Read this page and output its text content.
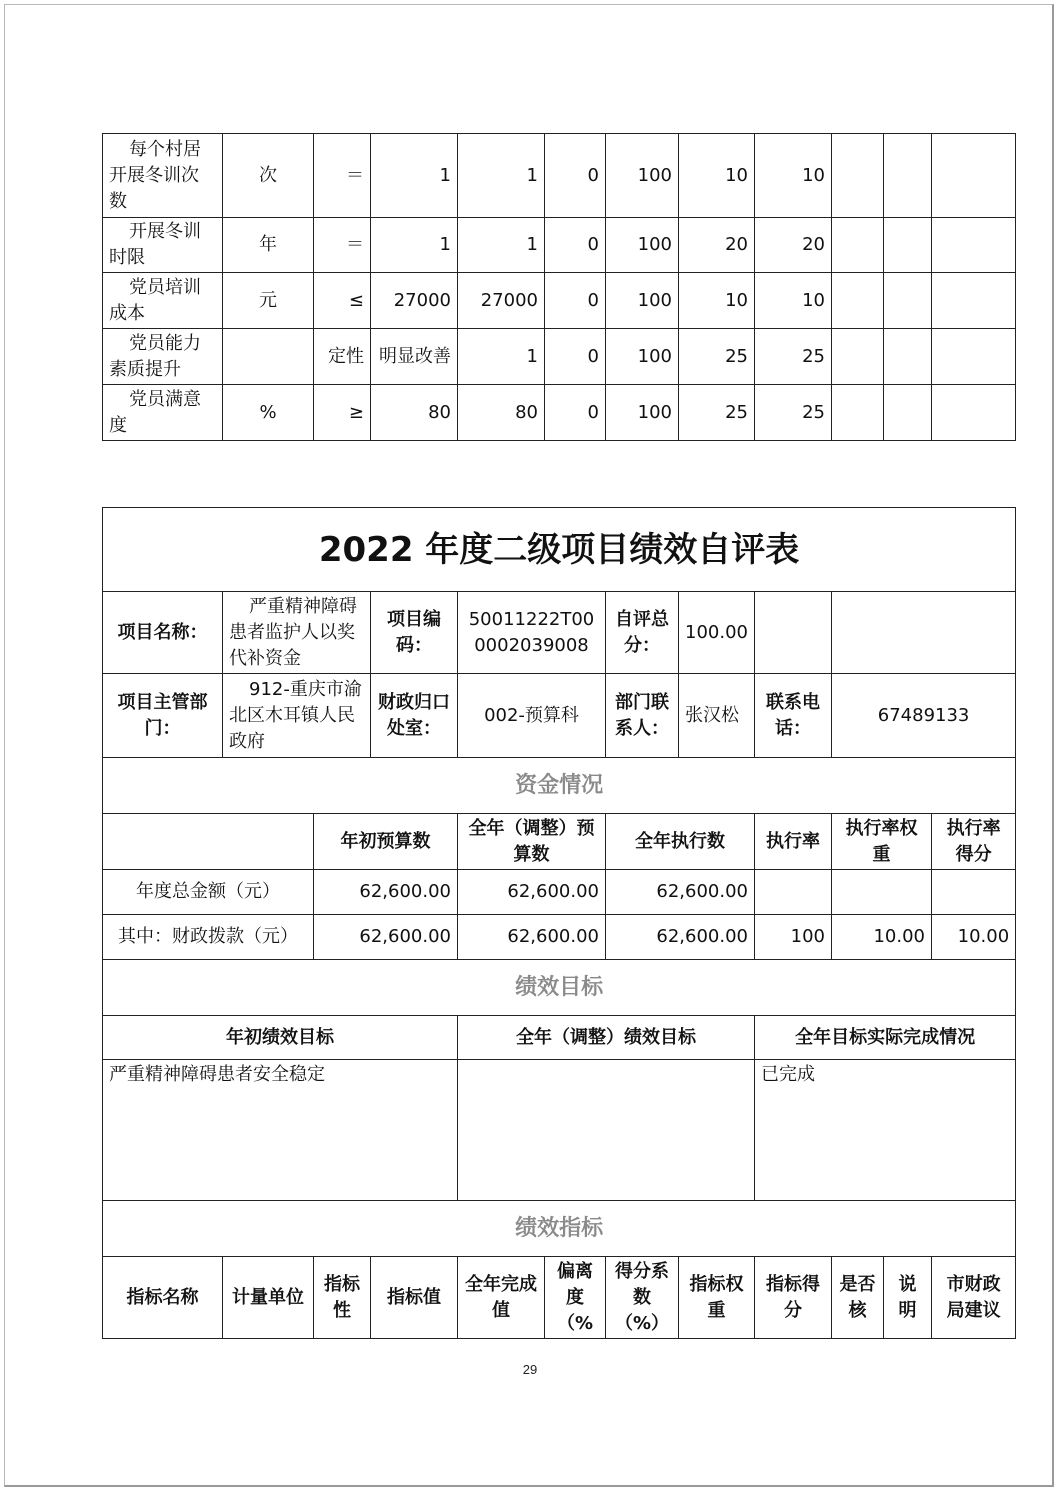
每个村居开展冬训次数	次	＝	1	1	0	100	10	10			
开展冬训时限	年	＝	1	1	0	100	20	20			
党员培训成本	元	≤	27000	27000	0	100	10	10			
党员能力素质提升		定性	明显改善	1	0	100	25	25			
党员满意度	%	≥	80	80	0	100	25	25			
2022 年度二级项目绩效自评表											
项目名称：	严重精神障碍患者监护人以奖代补资金		项目编码：	50011222T000002039008		自评总分：	100.00				
项目主管部门：	912-重庆市渝北区木耳镇人民政府		财政归口处室：	002-预算科		部门联系人：	张汉松	联系电话：	67489133		
资金情况											
		年初预算数		全年（调整）预算数		全年执行数		执行率	执行率权重		执行率得分
年度总金额（元）		62,600.00		62,600.00		62,600.00					
其中：财政拨款（元）		62,600.00		62,600.00		62,600.00		100	10.00		10.00
绩效目标											
年初绩效目标				全年（调整）绩效目标				全年目标实际完成情况			
严重精神障碍患者安全稳定								已完成			
绩效指标											
指标名称	计量单位	指标性	指标值	全年完成值	偏离度（%	得分系数（%）	指标权重	指标得分	是否核	说明	市财政局建议
29
